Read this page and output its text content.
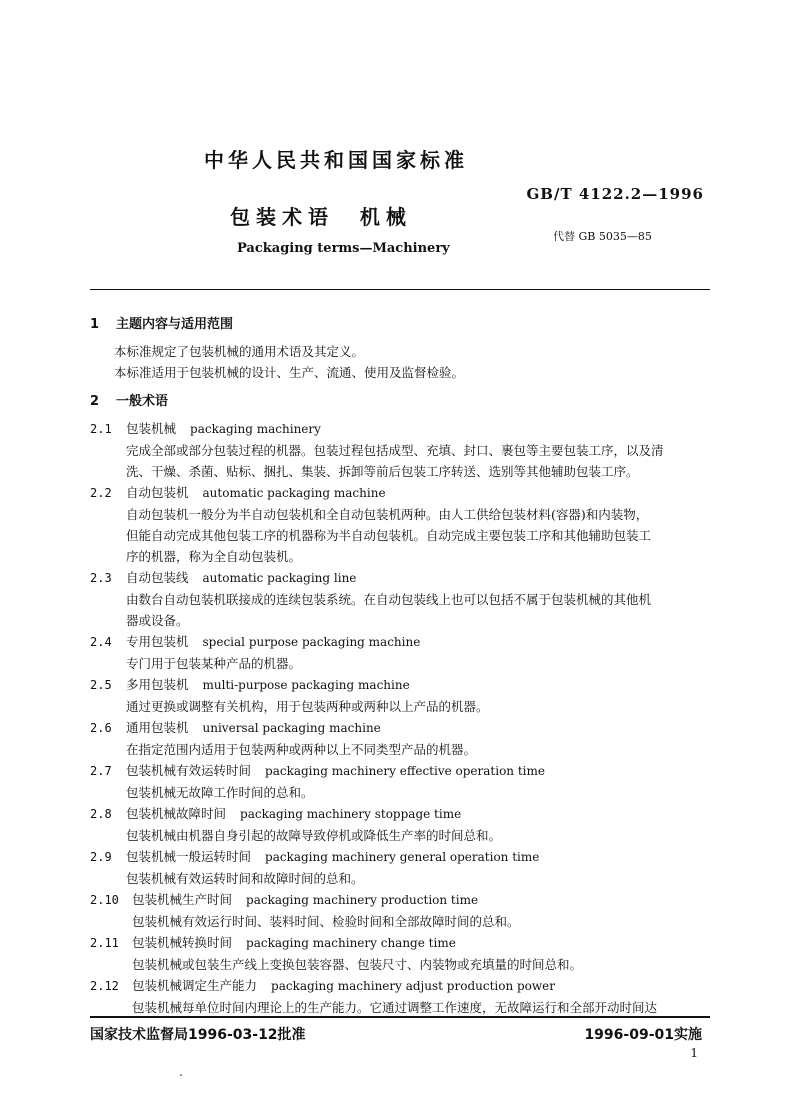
中华人民共和国国家标准
GB/T 4122.2—1996
包装术语  机械
代替 GB 5035—85
Packaging terms—Machinery
1 主题内容与适用范围
本标准规定了包装机械的通用术语及其定义。
本标准适用于包装机械的设计、生产、流通、使用及监督检验。
2 一般术语
2.1 包装机械 packaging machinery
完成全部或部分包装过程的机器。包装过程包括成型、充填、封口、裹包等主要包装工序，以及清
洗、干燥、杀菌、贴标、捆扎、集装、拆卸等前后包装工序转送、选别等其他辅助包装工序。
2.2 自动包装机 automatic packaging machine
自动包装机一般分为半自动包装机和全自动包装机两种。由人工供给包装材料(容器)和内装物，
但能自动完成其他包装工序的机器称为半自动包装机。自动完成主要包装工序和其他辅助包装工
序的机器，称为全自动包装机。
2.3 自动包装线 automatic packaging line
由数台自动包装机联接成的连续包装系统。在自动包装线上也可以包括不属于包装机械的其他机
器或设备。
2.4 专用包装机 special purpose packaging machine
专门用于包装某种产品的机器。
2.5 多用包装机 multi-purpose packaging machine
通过更换或调整有关机构，用于包装两种或两种以上产品的机器。
2.6 通用包装机 universal packaging machine
在指定范围内适用于包装两种或两种以上不同类型产品的机器。
2.7 包装机械有效运转时间 packaging machinery effective operation time
包装机械无故障工作时间的总和。
2.8 包装机械故障时间 packaging machinery stoppage time
包装机械由机器自身引起的故障导致停机或降低生产率的时间总和。
2.9 包装机械一般运转时间 packaging machinery general operation time
包装机械有效运转时间和故障时间的总和。
2.10 包装机械生产时间 packaging machinery production time
包装机械有效运行时间、装料时间、检验时间和全部故障时间的总和。
2.11 包装机械转换时间 packaging machinery change time
包装机械或包装生产线上变换包装容器、包装尺寸、内装物或充填量的时间总和。
2.12 包装机械调定生产能力 packaging machinery adjust production power
包装机械每单位时间内理论上的生产能力。它通过调整工作速度，无故障运行和全部开动时间达
国家技术监督局1996-03-12批准	1996-09-01实施
1
